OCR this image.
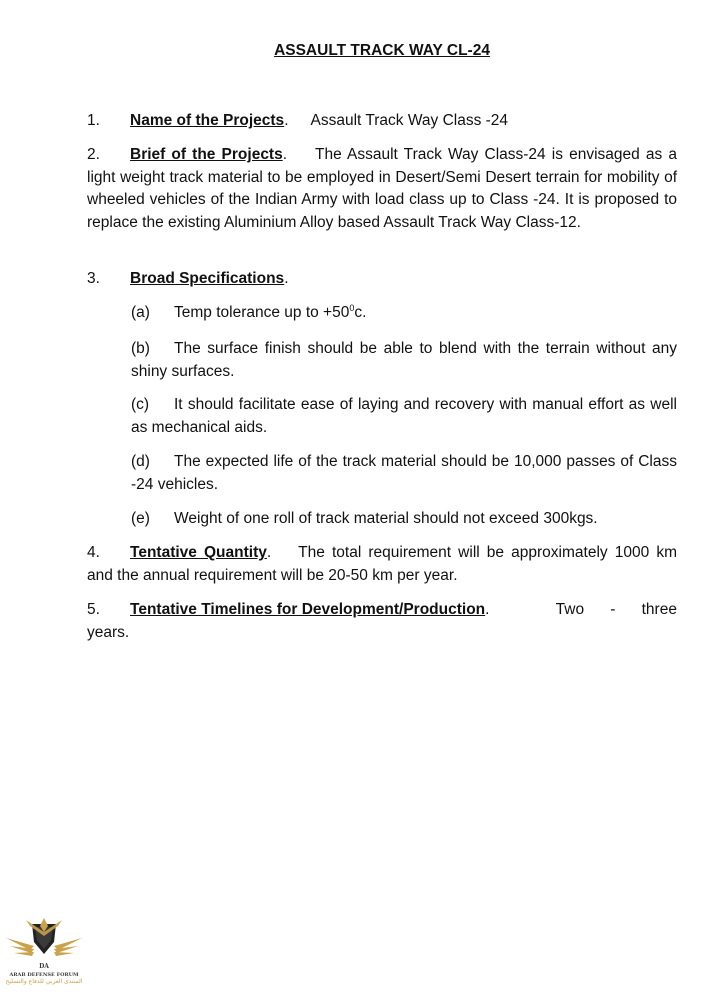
ASSAULT TRACK WAY CL-24
1. Name of the Projects. Assault Track Way Class -24
2. Brief of the Projects. The Assault Track Way Class-24 is envisaged as a light weight track material to be employed in Desert/Semi Desert terrain for mobility of wheeled vehicles of the Indian Army with load class up to Class -24. It is proposed to replace the existing Aluminium Alloy based Assault Track Way Class-12.
3. Broad Specifications.
(a) Temp tolerance up to $+50^0c$.
(b) The surface finish should be able to blend with the terrain without any shiny surfaces.
(c) It should facilitate ease of laying and recovery with manual effort as well as mechanical aids.
(d) The expected life of the track material should be 10,000 passes of Class -24 vehicles.
(e) Weight of one roll of track material should not exceed 300kgs.
4. Tentative Quantity. The total requirement will be approximately 1000 km and the annual requirement will be 20-50 km per year.
5. Tentative Timelines for Development/Production.	Two - three
years.
DA
ARAB DEFENSE FORUM
المنتدى العربي للدفاع والتسليح
